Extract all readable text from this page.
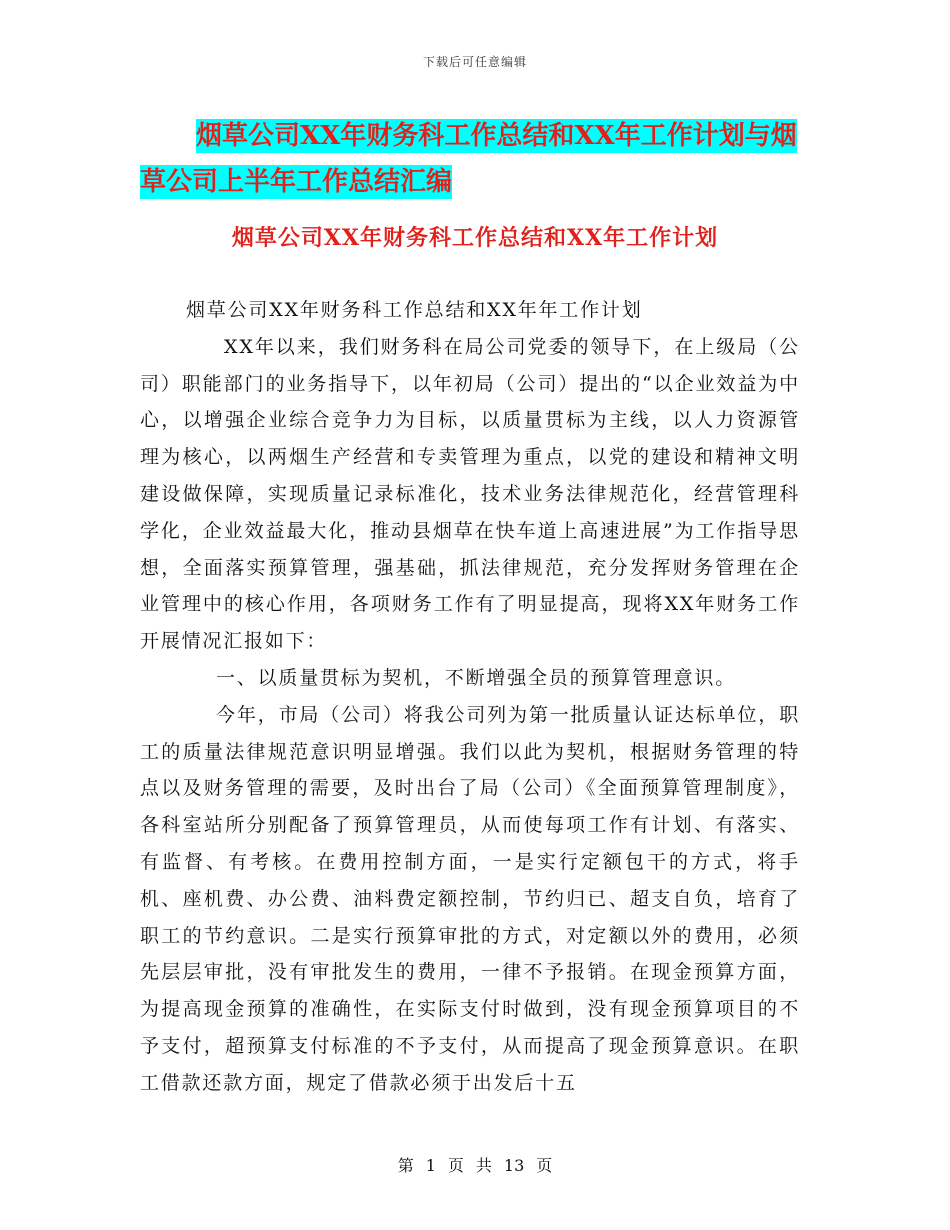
下载后可任意编辑
烟草公司XX年财务科工作总结和XX年工作计划与烟
草公司上半年工作总结汇编
烟草公司XX年财务科工作总结和XX年工作计划

烟草公司XX年财务科工作总结和XX年年工作计划

XX年以来，我们财务科在局公司党委的领导下，在上级局（公司）职能部门的业务指导下，以年初局（公司）提出的“以企业效益为中心，以增强企业综合竞争力为目标，以质量贯标为主线，以人力资源管理为核心，以两烟生产经营和专卖管理为重点，以党的建设和精神文明建设做保障，实现质量记录标准化，技术业务法律规范化，经营管理科学化，企业效益最大化，推动县烟草在快车道上高速进展”为工作指导思想，全面落实预算管理，强基础，抓法律规范，充分发挥财务管理在企业管理中的核心作用，各项财务工作有了明显提高，现将XX年财务工作开展情况汇报如下：

一、以质量贯标为契机，不断增强全员的预算管理意识。

今年，市局（公司）将我公司列为第一批质量认证达标单位，职工的质量法律规范意识明显增强。我们以此为契机，根据财务管理的特点以及财务管理的需要，及时出台了局（公司）《全面预算管理制度》，各科室站所分别配备了预算管理员，从而使每项工作有计划、有落实、有监督、有考核。在费用控制方面，一是实行定额包干的方式，将手机、座机费、办公费、油料费定额控制，节约归已、超支自负，培育了职工的节约意识。二是实行预算审批的方式，对定额以外的费用，必须先层层审批，没有审批发生的费用，一律不予报销。在现金预算方面，为提高现金预算的准确性，在实际支付时做到，没有现金预算项目的不予支付，超预算支付标准的不予支付，从而提高了现金预算意识。在职工借款还款方面，规定了借款必须于出发后十五

第 1 页 共 13 页
